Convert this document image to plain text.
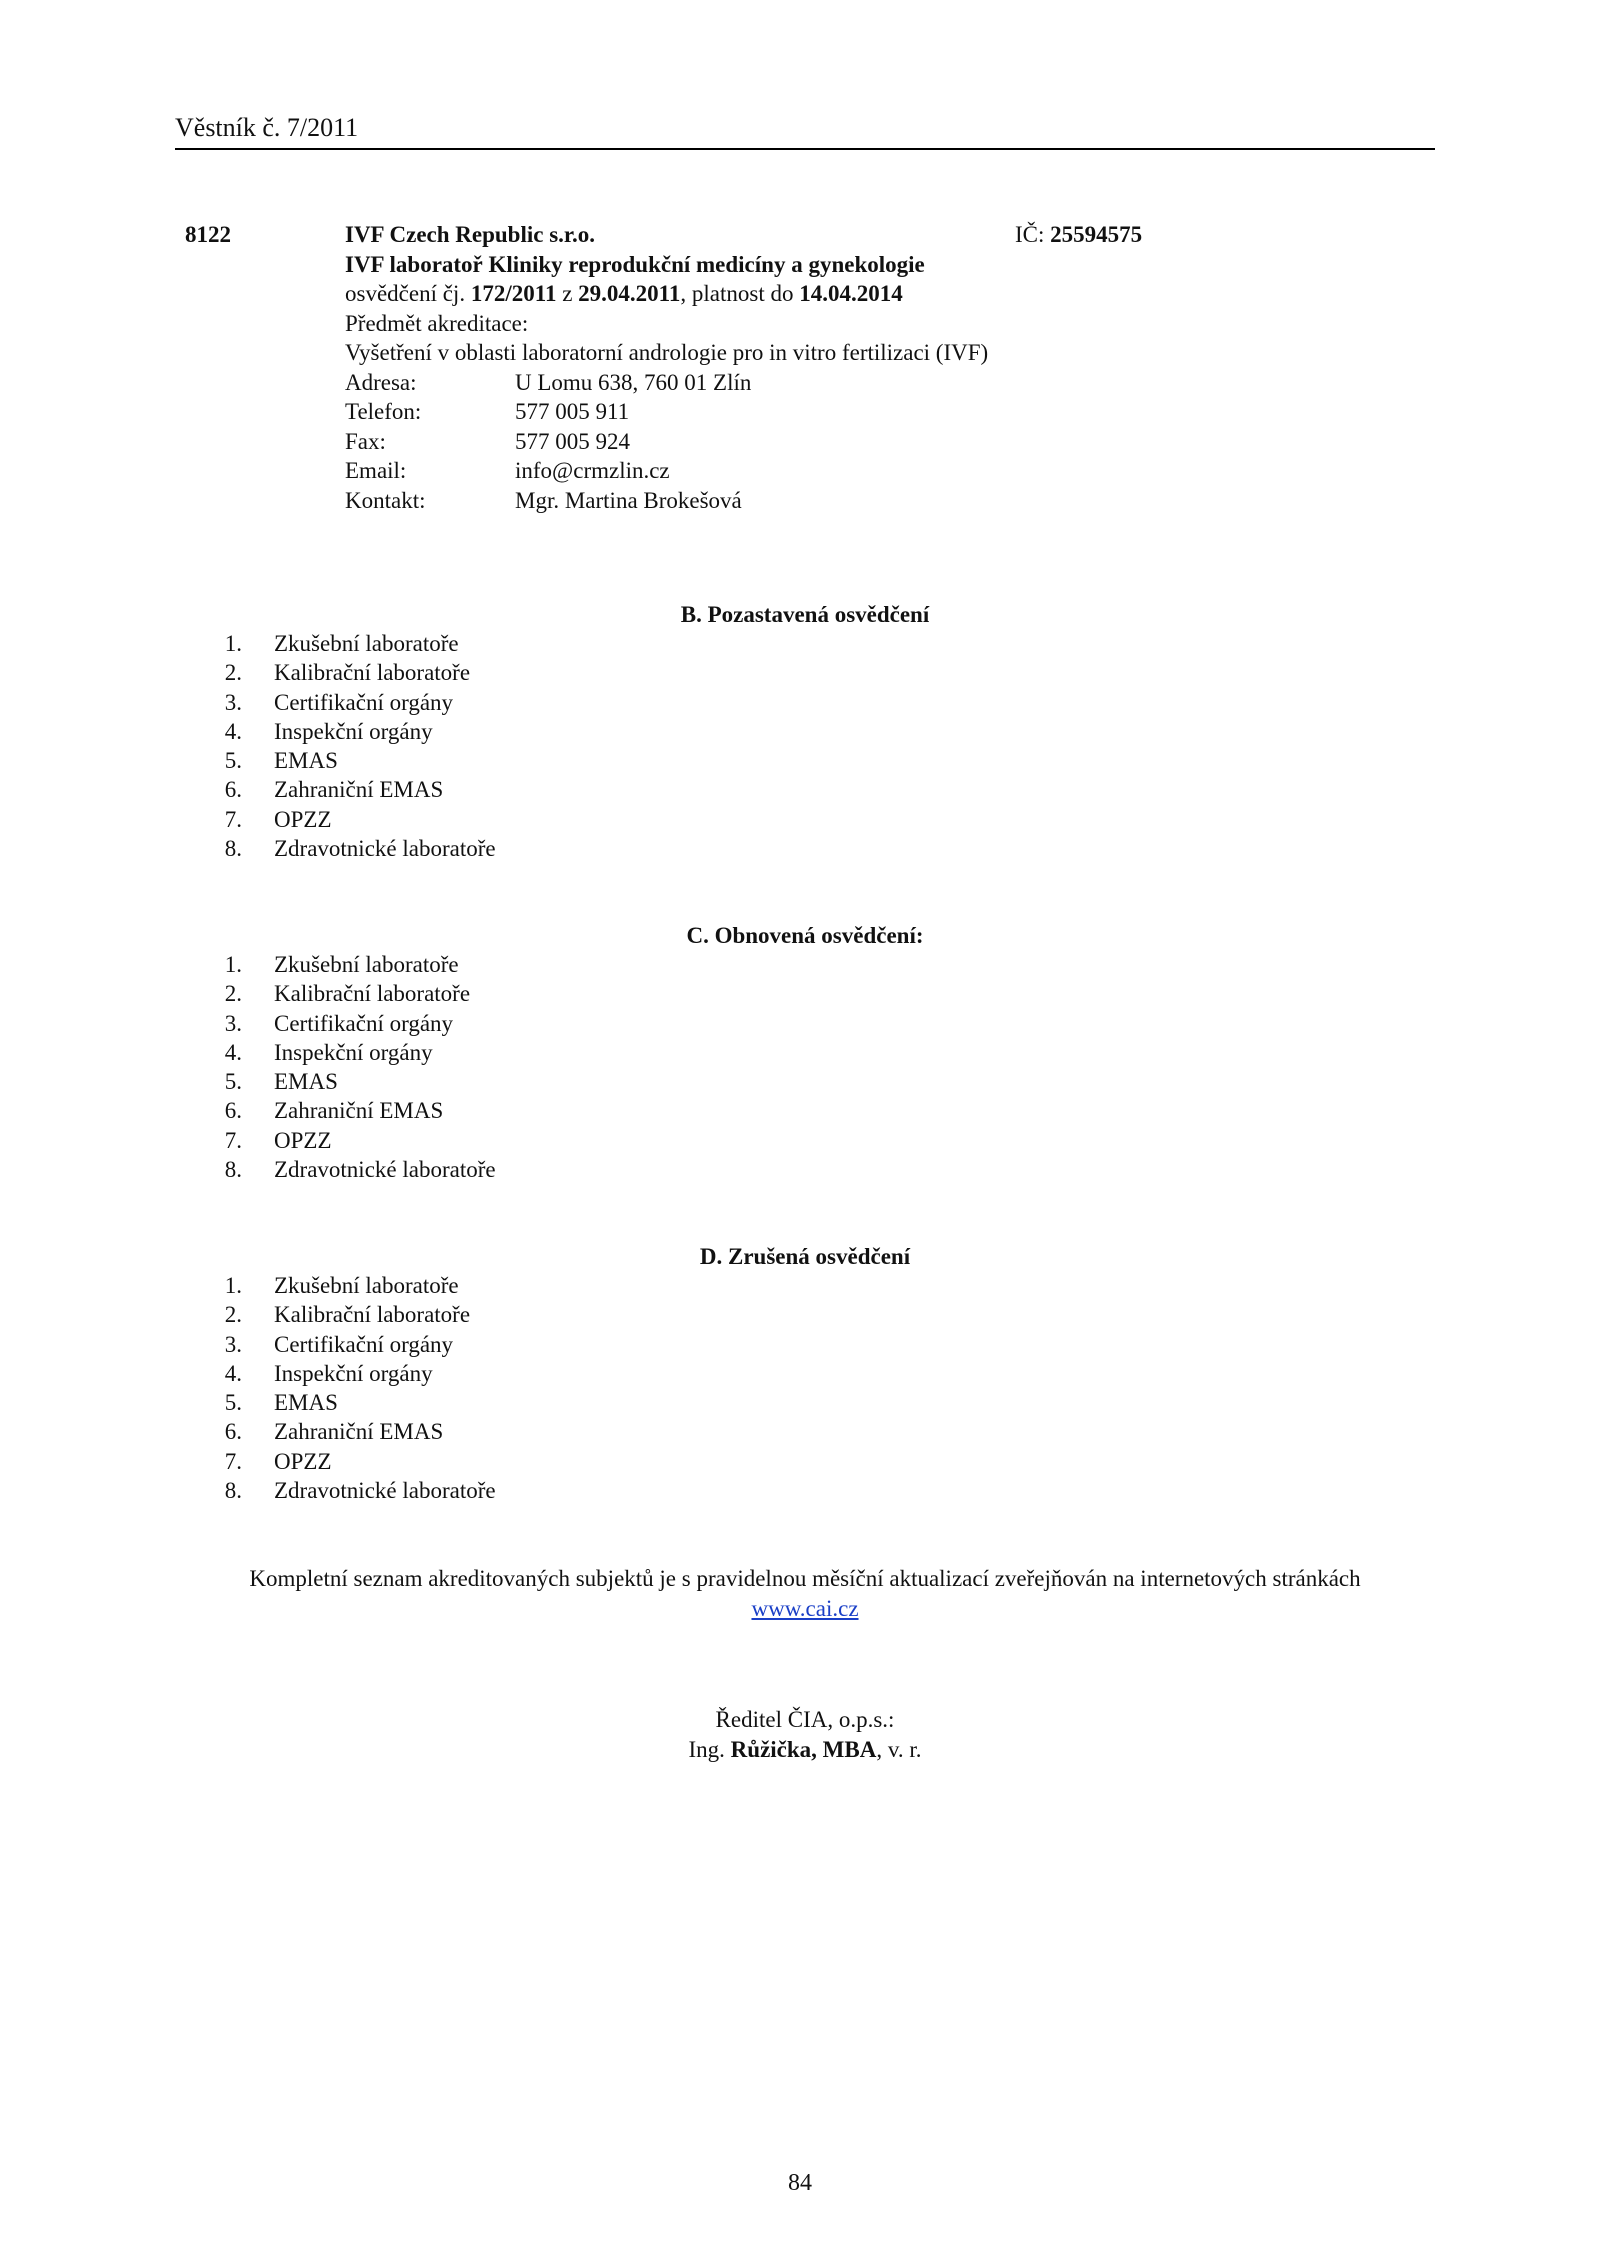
Věstník č. 7/2011
8122	IČ: 25594575
IVF Czech Republic s.r.o.
IVF laboratoř Kliniky reprodukční medicíny a gynekologie
osvědčení čj. 172/2011 z 29.04.2011, platnost do 14.04.2014
Předmět akreditace:
Vyšetření v oblasti laboratorní andrologie pro in vitro fertilizaci (IVF)
Adresa:	U Lomu 638, 760 01 Zlín
Telefon:	577 005 911
Fax:	577 005 924
Email:	info@crmzlin.cz
Kontakt:	Mgr. Martina Brokešová
B. Pozastavená osvědčení
1. Zkušební laboratoře
2. Kalibrační laboratoře
3. Certifikační orgány
4. Inspekční orgány
5. EMAS
6. Zahraniční EMAS
7. OPZZ
8. Zdravotnické laboratoře
C. Obnovená osvědčení:
1. Zkušební laboratoře
2. Kalibrační laboratoře
3. Certifikační orgány
4. Inspekční orgány
5. EMAS
6. Zahraniční EMAS
7. OPZZ
8. Zdravotnické laboratoře
D. Zrušená osvědčení
1. Zkušební laboratoře
2. Kalibrační laboratoře
3. Certifikační orgány
4. Inspekční orgány
5. EMAS
6. Zahraniční EMAS
7. OPZZ
8. Zdravotnické laboratoře
Kompletní seznam akreditovaných subjektů je s pravidelnou měsíční aktualizací zveřejňován na internetových stránkách
www.cai.cz
Ředitel ČIA, o.p.s.:
Ing. Růžička, MBA, v. r.
84
